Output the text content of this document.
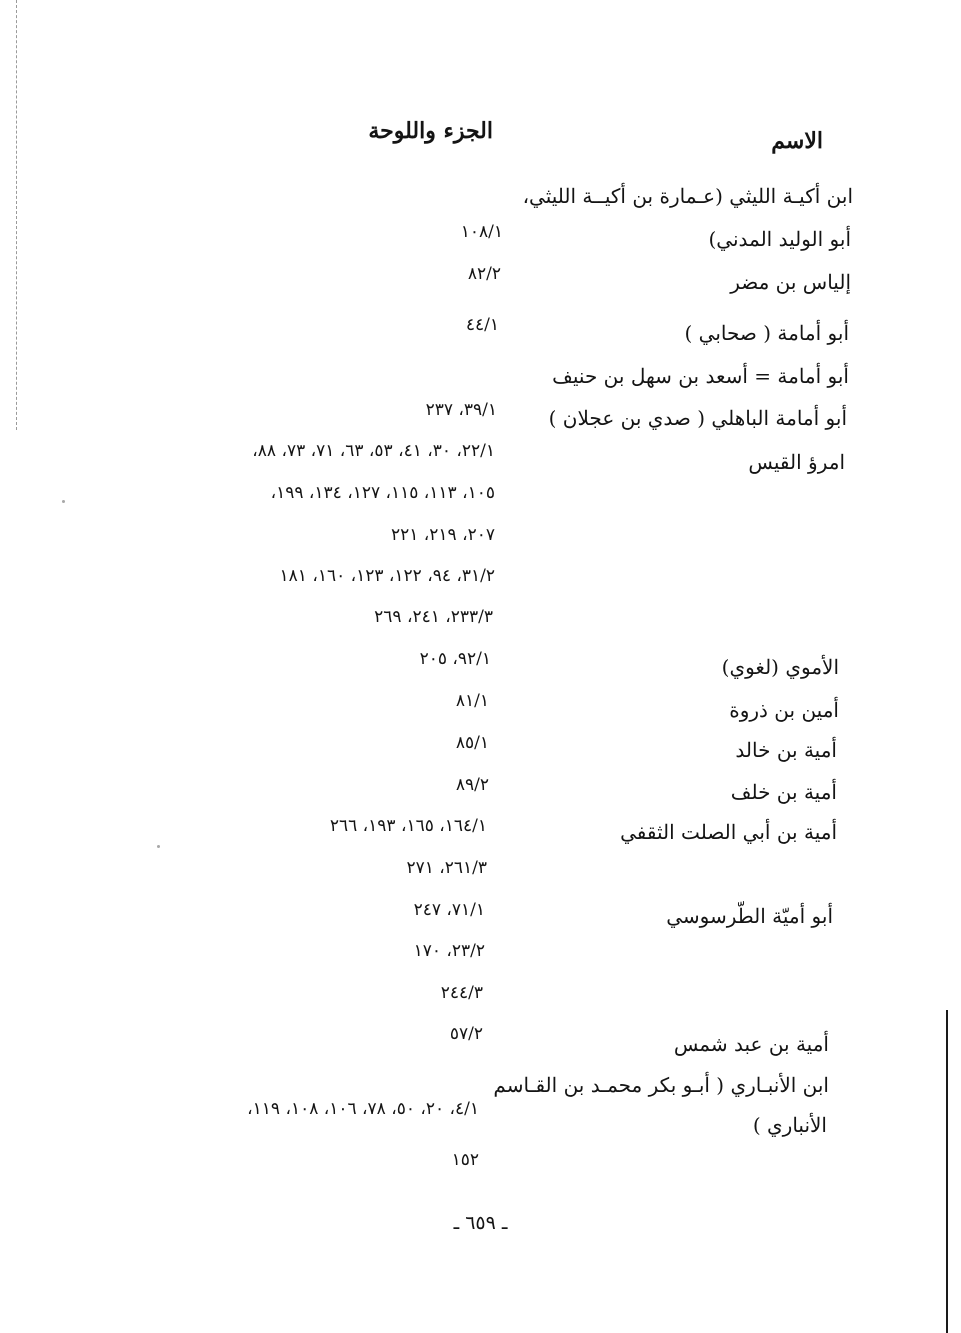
الاسم
الجزء واللوحة
ابن أكيـة الليثي (عـمارة بن أكيــة الليثي،
أبو الوليد المدني)
إلياس بن مضر
أبو أمامة ( صحابي )
أبو أمامة = أسعد بن سهل بن حنيف
أبو أمامة الباهلي ( صدي بن عجلان )
امرؤ القيس
الأموي (لغوي)
أمين بن ذروة
أمية بن خالد
أمية بن خلف
أمية بن أبي الصلت الثقفي
أبو أميّة الطّرسوسي
أمية بن عبد شمس
ابن الأنبـاري ( أبـو بكر محمـد بن القـاسم
الأنباري )
١٠٨/١
٨٢/٢
٤٤/١
٣٩/١، ٢٣٧
٢٢/١، ٣٠، ٤١، ٥٣، ٦٣، ٧١، ٧٣، ٨٨،
١٠٥، ١١٣، ١١٥، ١٢٧، ١٣٤، ١٩٩،
٢٠٧، ٢١٩، ٢٢١
٣١/٢، ٩٤، ١٢٢، ١٢٣، ١٦٠، ١٨١
٢٣٣/٣، ٢٤١، ٢٦٩
٩٢/١، ٢٠٥
٨١/١
٨٥/١
٨٩/٢
١٦٤/١، ١٦٥، ١٩٣، ٢٦٦
٢٦١/٣، ٢٧١
٧١/١، ٢٤٧
٢٣/٢، ١٧٠
٢٤٤/٣
٥٧/٢
٤/١، ٢٠، ٥٠، ٧٨، ١٠٦، ١٠٨، ١١٩،
١٥٢
ـ ٦٥٩ ـ
